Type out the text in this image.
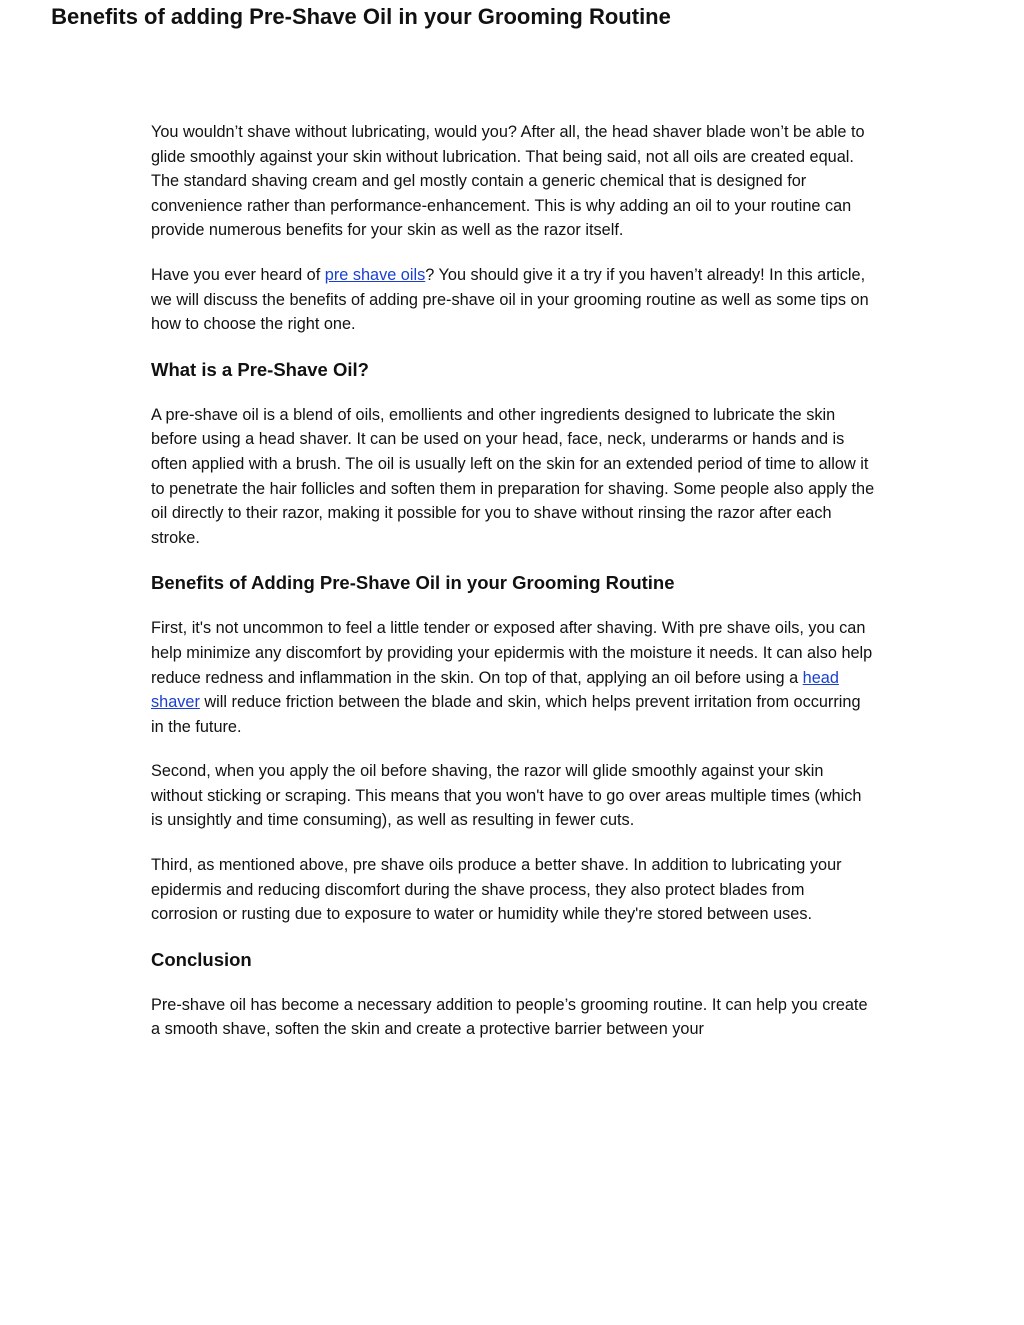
Benefits of adding Pre-Shave Oil in your Grooming Routine

You wouldn’t shave without lubricating, would you? After all, the head shaver blade won’t be able to glide smoothly against your skin without lubrication. That being said, not all oils are created equal. The standard shaving cream and gel mostly contain a generic chemical that is designed for convenience rather than performance-enhancement. This is why adding an oil to your routine can provide numerous benefits for your skin as well as the razor itself.

Have you ever heard of pre shave oils? You should give it a try if you haven’t already! In this article, we will discuss the benefits of adding pre-shave oil in your grooming routine as well as some tips on how to choose the right one.

What is a Pre-Shave Oil?

A pre-shave oil is a blend of oils, emollients and other ingredients designed to lubricate the skin before using a head shaver. It can be used on your head, face, neck, underarms or hands and is often applied with a brush. The oil is usually left on the skin for an extended period of time to allow it to penetrate the hair follicles and soften them in preparation for shaving. Some people also apply the oil directly to their razor, making it possible for you to shave without rinsing the razor after each stroke.

Benefits of Adding Pre-Shave Oil in your Grooming Routine

First, it's not uncommon to feel a little tender or exposed after shaving. With pre shave oils, you can help minimize any discomfort by providing your epidermis with the moisture it needs. It can also help reduce redness and inflammation in the skin. On top of that, applying an oil before using a head shaver will reduce friction between the blade and skin, which helps prevent irritation from occurring in the future.

Second, when you apply the oil before shaving, the razor will glide smoothly against your skin without sticking or scraping. This means that you won't have to go over areas multiple times (which is unsightly and time consuming), as well as resulting in fewer cuts.

Third, as mentioned above, pre shave oils produce a better shave. In addition to lubricating your epidermis and reducing discomfort during the shave process, they also protect blades from corrosion or rusting due to exposure to water or humidity while they're stored between uses.

Conclusion

Pre-shave oil has become a necessary addition to people’s grooming routine. It can help you create a smooth shave, soften the skin and create a protective barrier between your
